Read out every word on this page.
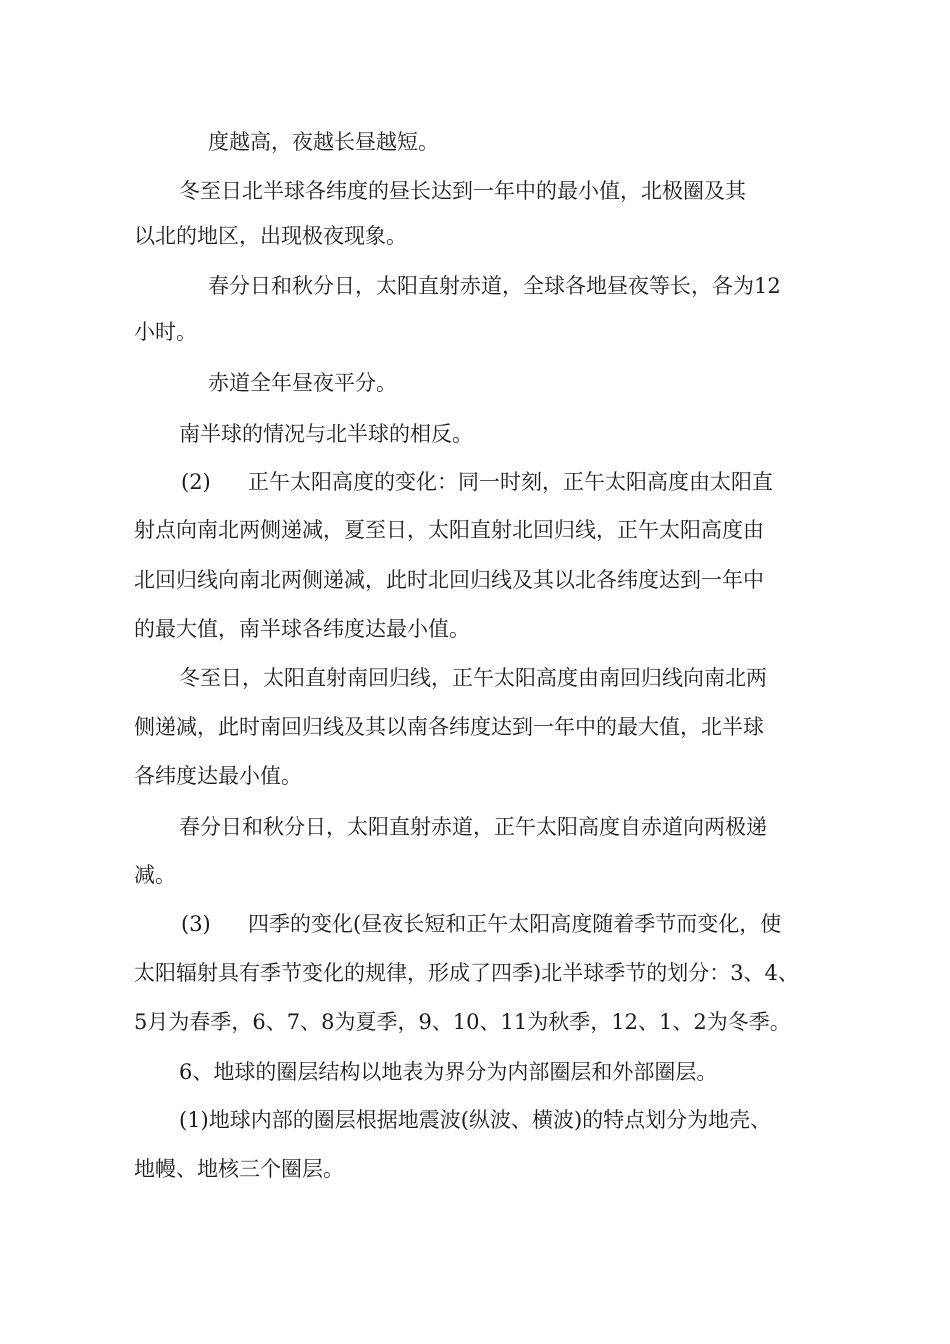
度越高，夜越长昼越短。
冬至日北半球各纬度的昼长达到一年中的最小值，北极圈及其
以北的地区，出现极夜现象。
春分日和秋分日，太阳直射赤道，全球各地昼夜等长，各为12
小时。
赤道全年昼夜平分。
南半球的情况与北半球的相反。
(2) 正午太阳高度的变化：同一时刻，正午太阳高度由太阳直
射点向南北两侧递减，夏至日，太阳直射北回归线，正午太阳高度由
北回归线向南北两侧递减，此时北回归线及其以北各纬度达到一年中
的最大值，南半球各纬度达最小值。
冬至日，太阳直射南回归线，正午太阳高度由南回归线向南北两
侧递减，此时南回归线及其以南各纬度达到一年中的最大值，北半球
各纬度达最小值。
春分日和秋分日，太阳直射赤道，正午太阳高度自赤道向两极递
减。
(3) 四季的变化(昼夜长短和正午太阳高度随着季节而变化，使
太阳辐射具有季节变化的规律，形成了四季)北半球季节的划分：3、4、
5月为春季，6、7、8为夏季，9、10、11为秋季，12、1、2为冬季。
6、地球的圈层结构以地表为界分为内部圈层和外部圈层。
(1)地球内部的圈层根据地震波(纵波、横波)的特点划分为地壳、
地幔、地核三个圈层。
